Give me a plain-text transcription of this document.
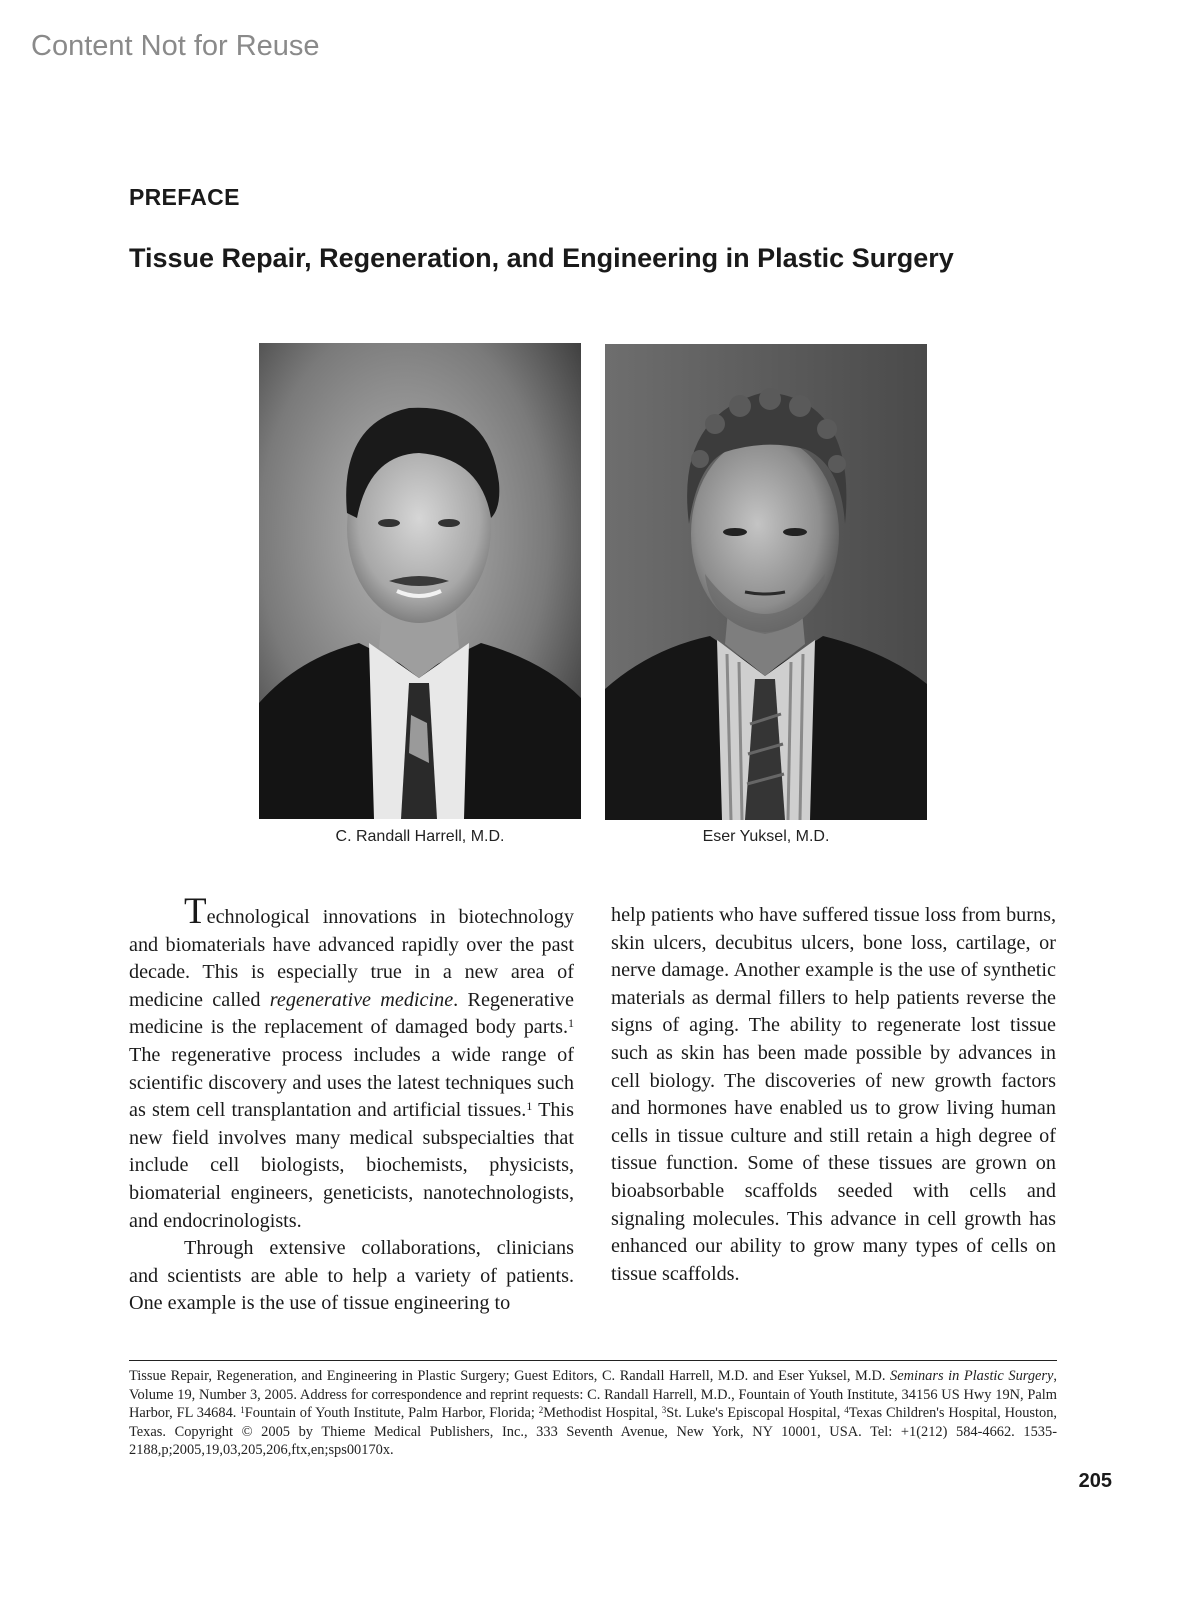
Content Not for Reuse
PREFACE
Tissue Repair, Regeneration, and Engineering in Plastic Surgery
C. Randall Harrell, M.D.	Eser Yuksel, M.D.

Technological innovations in biotechnology and biomaterials have advanced rapidly over the past decade. This is especially true in a new area of medicine called regenerative medicine. Regenerative medicine is the replacement of damaged body parts.$^1$ The regenerative process includes a wide range of scientific discovery and uses the latest techniques such as stem cell transplantation and artificial tissues.$^1$ This new field involves many medical subspecialties that include cell biologists, biochemists, physicists, biomaterial engineers, geneticists, nanotechnologists, and endocrinologists.

Through extensive collaborations, clinicians and scientists are able to help a variety of patients. One example is the use of tissue engineering to

help patients who have suffered tissue loss from burns, skin ulcers, decubitus ulcers, bone loss, cartilage, or nerve damage. Another example is the use of synthetic materials as dermal fillers to help patients reverse the signs of aging. The ability to regenerate lost tissue such as skin has been made possible by advances in cell biology. The discoveries of new growth factors and hormones have enabled us to grow living human cells in tissue culture and still retain a high degree of tissue function. Some of these tissues are grown on bioabsorbable scaffolds seeded with cells and signaling molecules. This advance in cell growth has enhanced our ability to grow many types of cells on tissue scaffolds.

Tissue Repair, Regeneration, and Engineering in Plastic Surgery; Guest Editors, C. Randall Harrell, M.D. and Eser Yuksel, M.D. Seminars in Plastic Surgery, Volume 19, Number 3, 2005. Address for correspondence and reprint requests: C. Randall Harrell, M.D., Fountain of Youth Institute, 34156 US Hwy 19N, Palm Harbor, FL 34684. $^1$Fountain of Youth Institute, Palm Harbor, Florida; $^2$Methodist Hospital, $^3$St. Luke's Episcopal Hospital, $^4$Texas Children's Hospital, Houston, Texas. Copyright © 2005 by Thieme Medical Publishers, Inc., 333 Seventh Avenue, New York, NY 10001, USA. Tel: +1(212) 584-4662. 1535-2188,p;2005,19,03,205,206,ftx,en;sps00170x.
205
